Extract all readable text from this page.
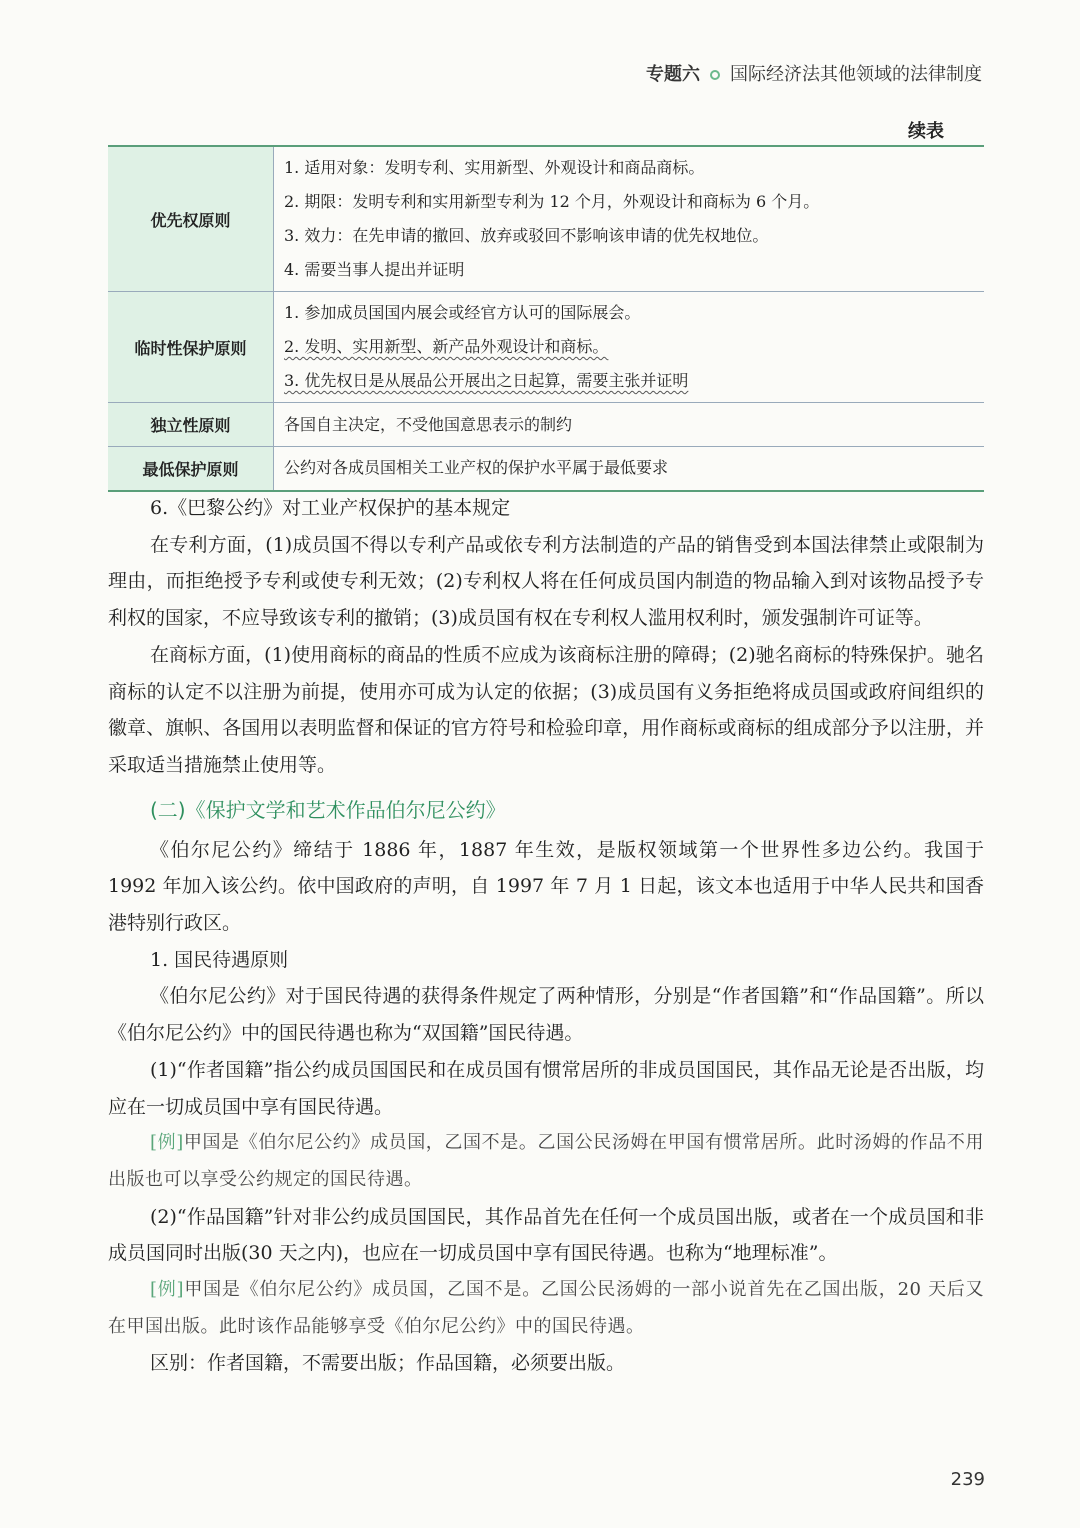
专题六 国际经济法其他领域的法律制度
续表
优先权原则	1. 适用对象：发明专利、实用新型、外观设计和商品商标。
2. 期限：发明专利和实用新型专利为 12 个月，外观设计和商标为 6 个月。
3. 效力：在先申请的撤回、放弃或驳回不影响该申请的优先权地位。
4. 需要当事人提出并证明

临时性保护原则	1. 参加成员国国内展会或经官方认可的国际展会。
2. 发明、实用新型、新产品外观设计和商标。
3. 优先权日是从展品公开展出之日起算，需要主张并证明

独立性原则	各国自主决定，不受他国意思表示的制约

最低保护原则	公约对各成员国相关工业产权的保护水平属于最低要求

6.《巴黎公约》对工业产权保护的基本规定

在专利方面，(1)成员国不得以专利产品或依专利方法制造的产品的销售受到本国法律禁止或限制为理由，而拒绝授予专利或使专利无效；(2)专利权人将在任何成员国内制造的物品输入到对该物品授予专利权的国家，不应导致该专利的撤销；(3)成员国有权在专利权人滥用权利时，颁发强制许可证等。

在商标方面，(1)使用商标的商品的性质不应成为该商标注册的障碍；(2)驰名商标的特殊保护。驰名商标的认定不以注册为前提，使用亦可成为认定的依据；(3)成员国有义务拒绝将成员国或政府间组织的徽章、旗帜、各国用以表明监督和保证的官方符号和检验印章，用作商标或商标的组成部分予以注册，并采取适当措施禁止使用等。

(二)《保护文学和艺术作品伯尔尼公约》

《伯尔尼公约》缔结于 1886 年，1887 年生效，是版权领域第一个世界性多边公约。我国于 1992 年加入该公约。依中国政府的声明，自 1997 年 7 月 1 日起，该文本也适用于中华人民共和国香港特别行政区。

1. 国民待遇原则

《伯尔尼公约》对于国民待遇的获得条件规定了两种情形，分别是“作者国籍”和“作品国籍”。所以《伯尔尼公约》中的国民待遇也称为“双国籍”国民待遇。

(1)“作者国籍”指公约成员国国民和在成员国有惯常居所的非成员国国民，其作品无论是否出版，均应在一切成员国中享有国民待遇。

[例]甲国是《伯尔尼公约》成员国，乙国不是。乙国公民汤姆在甲国有惯常居所。此时汤姆的作品不用出版也可以享受公约规定的国民待遇。

(2)“作品国籍”针对非公约成员国国民，其作品首先在任何一个成员国出版，或者在一个成员国和非成员国同时出版(30 天之内)，也应在一切成员国中享有国民待遇。也称为“地理标准”。

[例]甲国是《伯尔尼公约》成员国，乙国不是。乙国公民汤姆的一部小说首先在乙国出版，20 天后又在甲国出版。此时该作品能够享受《伯尔尼公约》中的国民待遇。

区别：作者国籍，不需要出版；作品国籍，必须要出版。

239
